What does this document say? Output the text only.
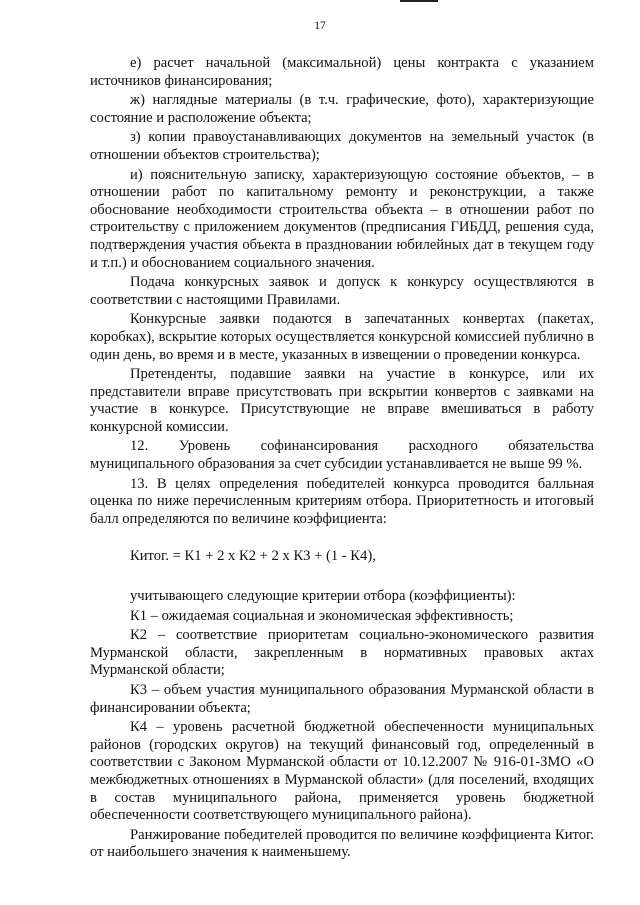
17

е) расчет начальной (максимальной) цены контракта с указанием источников финансирования;

ж) наглядные материалы (в т.ч. графические, фото), характеризующие состояние и расположение объекта;

з) копии правоустанавливающих документов на земельный участок (в отношении объектов строительства);

и) пояснительную записку, характеризующую состояние объектов, – в отношении работ по капитальному ремонту и реконструкции, а также обоснование необходимости строительства объекта – в отношении работ по строительству с приложением документов (предписания ГИБДД, решения суда, подтверждения участия объекта в праздновании юбилейных дат в текущем году и т.п.) и обоснованием социального значения.

Подача конкурсных заявок и допуск к конкурсу осуществляются в соответствии с настоящими Правилами.

Конкурсные заявки подаются в запечатанных конвертах (пакетах, коробках), вскрытие которых осуществляется конкурсной комиссией публично в один день, во время и в месте, указанных в извещении о проведении конкурса.

Претенденты, подавшие заявки на участие в конкурсе, или их представители вправе присутствовать при вскрытии конвертов с заявками на участие в конкурсе. Присутствующие не вправе вмешиваться в работу конкурсной комиссии.

12. Уровень софинансирования расходного обязательства муниципального образования за счет субсидии устанавливается не выше 99 %.

13. В целях определения победителей конкурса проводится балльная оценка по ниже перечисленным критериям отбора. Приоритетность и итоговый балл определяются по величине коэффициента:

Китог. = К1 + 2 х К2 + 2 х К3 + (1 - К4),

учитывающего следующие критерии отбора (коэффициенты):

К1 – ожидаемая социальная и экономическая эффективность;

К2 – соответствие приоритетам социально-экономического развития Мурманской области, закрепленным в нормативных правовых актах Мурманской области;

К3 – объем участия муниципального образования Мурманской области в финансировании объекта;

К4 – уровень расчетной бюджетной обеспеченности муниципальных районов (городских округов) на текущий финансовый год, определенный в соответствии с Законом Мурманской области от 10.12.2007 № 916-01-ЗМО «О межбюджетных отношениях в Мурманской области» (для поселений, входящих в состав муниципального района, применяется уровень бюджетной обеспеченности соответствующего муниципального района).

Ранжирование победителей проводится по величине коэффициента Китог. от наибольшего значения к наименьшему.
